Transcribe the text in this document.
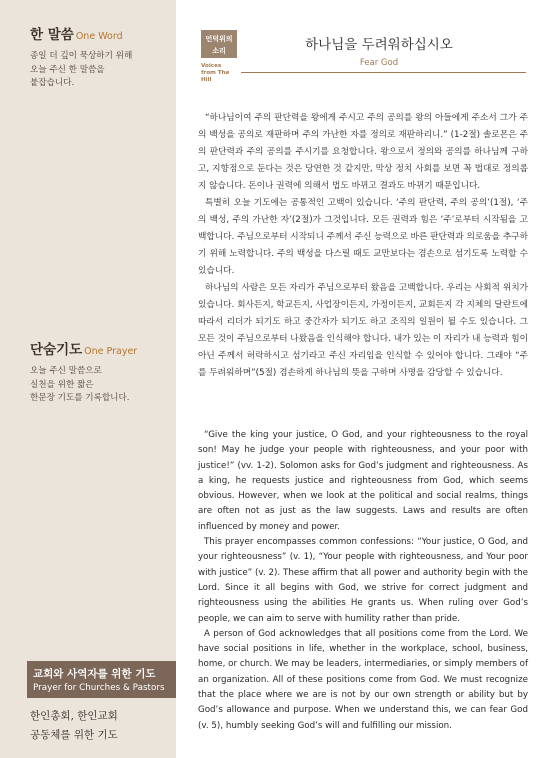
한 말씀 One Word
종일 더 깊이 묵상하기 위해
오늘 주신 한 말씀을
붙잡습니다.
단숨기도 One Prayer
오늘 주신 말씀으로
실천을 위한 짧은
한문장 기도를 기록합니다.
교회와 사역자를 위한 기도
Prayer for Churches & Pastors
한인총회, 한인교회
공동체를 위한 기도
언덕위의
소리
Voices
from The Hill
하나님을 두려워하십시오
Fear God

“하나님이여 주의 판단력을 왕에게 주시고 주의 공의를 왕의 아들에게 주소서 그가 주의 백성을 공의로 재판하며 주의 가난한 자를 정의로 재판하리니.” (1-2절) 솔로몬은 주의 판단력과 주의 공의를 주시기를 요청합니다. 왕으로서 정의와 공의를 하나님께 구하고, 지향점으로 둔다는 것은 당연한 것 같지만, 막상 정치 사회를 보면 꼭 법대로 정의롭지 않습니다. 돈이나 권력에 의해서 법도 바뀌고 결과도 바뀌기 때문입니다.

특별히 오늘 기도에는 공통적인 고백이 있습니다. ‘주의 판단력, 주의 공의’(1절), ‘주의 백성, 주의 가난한 자’(2절)가 그것입니다. 모든 권력과 힘은 ‘주’로부터 시작됨을 고백합니다. 주님으로부터 시작되니 주께서 주신 능력으로 바른 판단력과 의로움을 추구하기 위해 노력합니다. 주의 백성을 다스릴 때도 교만보다는 겸손으로 섬기도록 노력할 수 있습니다.

하나님의 사람은 모든 자리가 주님으로부터 왔음을 고백합니다. 우리는 사회적 위치가 있습니다. 회사든지, 학교든지, 사업장이든지, 가정이든지, 교회든지 각 지체의 달란트에 따라서 리더가 되기도 하고 중간자가 되기도 하고 조직의 일원이 될 수도 있습니다. 그 모든 것이 주님으로부터 나왔음을 인식해야 합니다. 내가 있는 이 자리가 내 능력과 힘이 아닌 주께서 허락하시고 섬기라고 주신 자리임을 인식할 수 있어야 합니다. 그래야 “주를 두려워하며”(5절) 겸손하게 하나님의 뜻을 구하며 사명을 감당할 수 있습니다.

“Give the king your justice, O God, and your righteousness to the royal son! May he judge your people with righteousness, and your poor with justice!” (vv. 1-2). Solomon asks for God’s judgment and righteousness. As a king, he requests justice and righteousness from God, which seems obvious. However, when we look at the political and social realms, things are often not as just as the law suggests. Laws and results are often influenced by money and power.

This prayer encompasses common confessions: “Your justice, O God, and your righteousness” (v. 1), “Your people with righteousness, and Your poor with justice” (v. 2). These affirm that all power and authority begin with the Lord. Since it all begins with God, we strive for correct judgment and righteousness using the abilities He grants us. When ruling over God’s people, we can aim to serve with humility rather than pride.

A person of God acknowledges that all positions come from the Lord. We have social positions in life, whether in the workplace, school, business, home, or church. We may be leaders, intermediaries, or simply members of an organization. All of these positions come from God. We must recognize that the place where we are is not by our own strength or ability but by God’s allowance and purpose. When we understand this, we can fear God (v. 5), humbly seeking God’s will and fulfilling our mission.
